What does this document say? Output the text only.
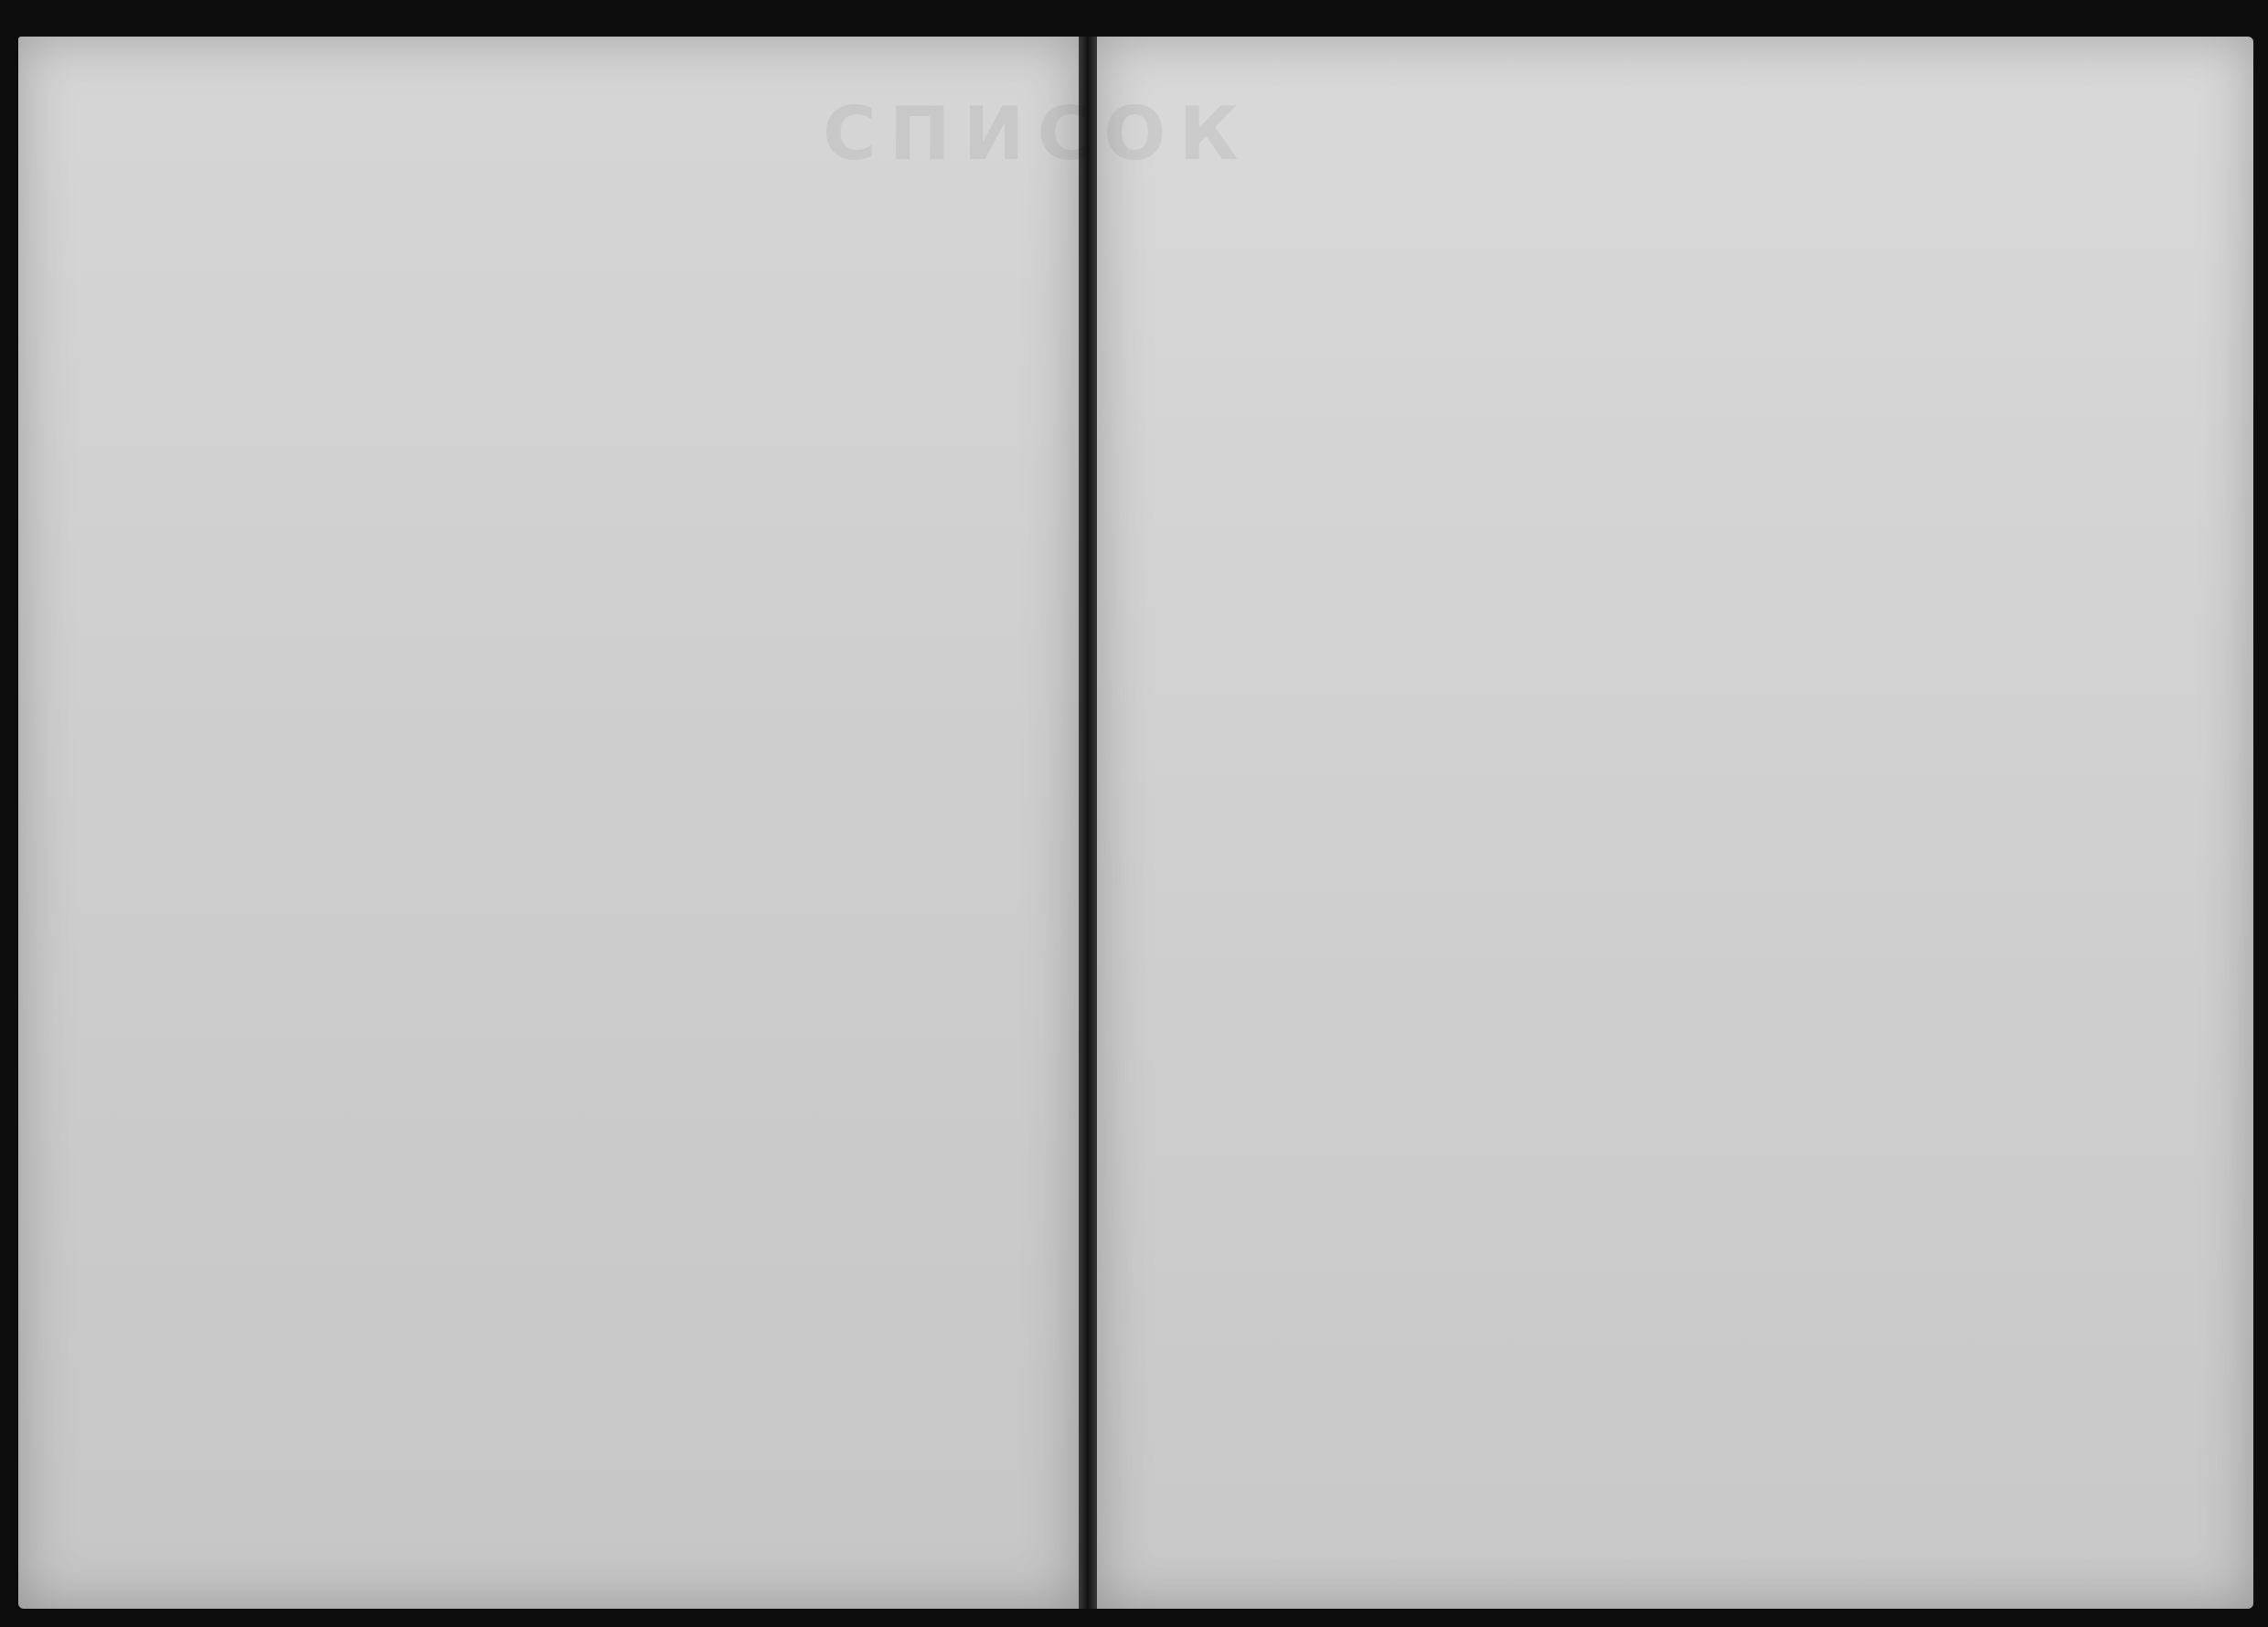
СПИСОК
